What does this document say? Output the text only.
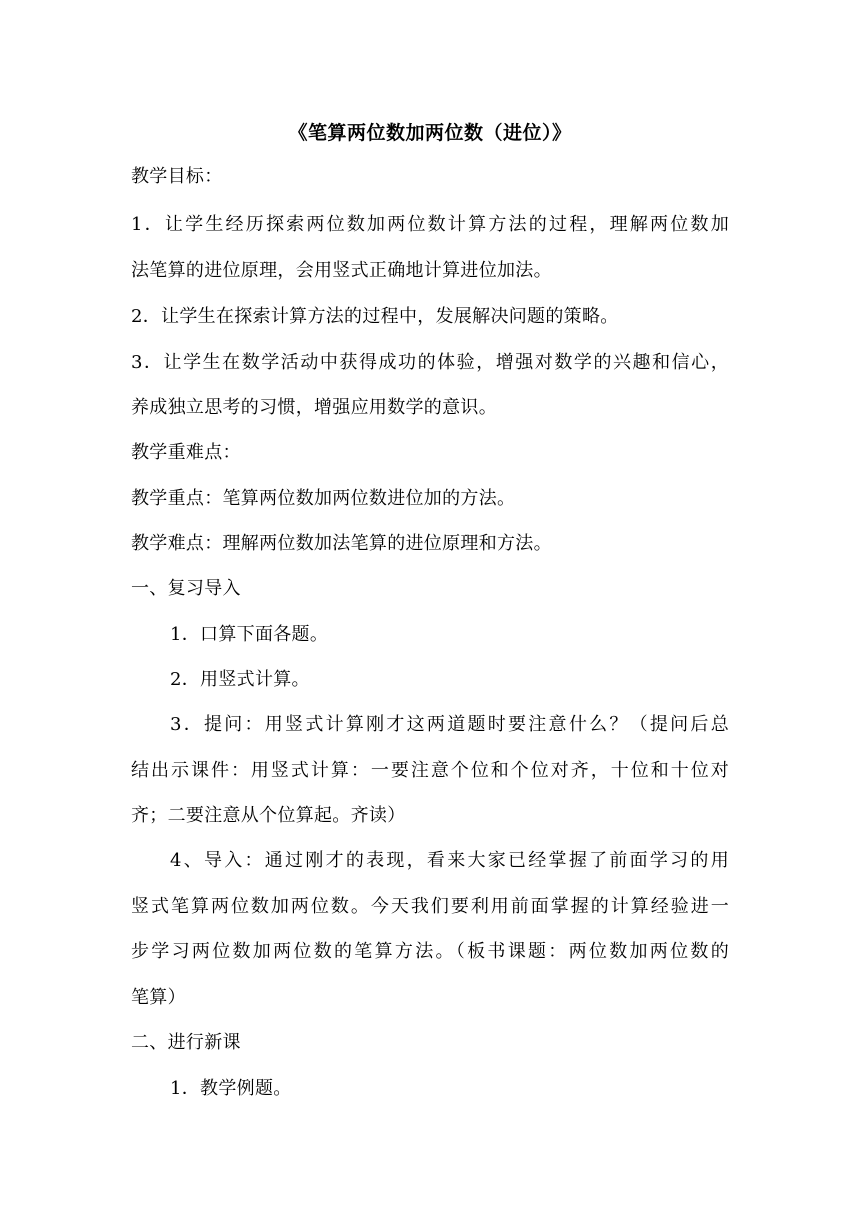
《笔算两位数加两位数（进位）》
教学目标：
1．让学生经历探索两位数加两位数计算方法的过程，理解两位数加
法笔算的进位原理，会用竖式正确地计算进位加法。
2．让学生在探索计算方法的过程中，发展解决问题的策略。
3．让学生在数学活动中获得成功的体验，增强对数学的兴趣和信心，
养成独立思考的习惯，增强应用数学的意识。
教学重难点：
教学重点：笔算两位数加两位数进位加的方法。
教学难点：理解两位数加法笔算的进位原理和方法。
一、复习导入
1．口算下面各题。
2．用竖式计算。
3．提问：用竖式计算刚才这两道题时要注意什么？（提问后总
结出示课件：用竖式计算：一要注意个位和个位对齐，十位和十位对
齐；二要注意从个位算起。齐读）
4、导入：通过刚才的表现，看来大家已经掌握了前面学习的用
竖式笔算两位数加两位数。今天我们要利用前面掌握的计算经验进一
步学习两位数加两位数的笔算方法。（板书课题：两位数加两位数的
笔算）
二、进行新课
1．教学例题。
